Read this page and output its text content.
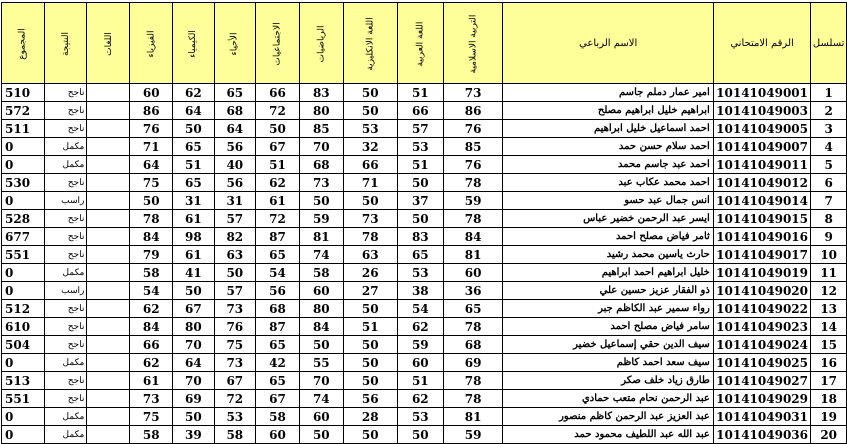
تسلسل	الرقم الامتحاني	الاسم الرباعي	التربية الاسلامية	اللغة العربية	اللغة الانكليزية	الرياضيات	الاجتماعيات	الأحياء	الكيمياء	الفيزياء	اللغات	النتيجة	المجموع
1	10141049001	امير عمار دملم جاسم	73	51	50	83	66	65	62	60		ناجح	510
2	10141049003	ابراهيم خليل ابراهيم مصلح	86	66	50	80	72	68	64	86		ناجح	572
3	10141049005	احمد اسماعيل خليل ابراهيم	76	57	53	85	50	64	50	76		ناجح	511
4	10141049007	احمد سلام حسن حمد	85	53	32	70	67	56	65	71		مكمل	0
5	10141049011	احمد عبد جاسم محمد	76	51	66	68	51	40	51	64		مكمل	0
6	10141049012	احمد محمد عكاب عبد	78	50	71	73	62	56	65	75		ناجح	530
7	10141049014	انس جمال عبد حسو	59	37	50	50	61	31	31	50		راسب	0
8	10141049015	ايسر عبد الرحمن خضير عباس	78	50	73	59	72	57	61	78		ناجح	528
9	10141049016	ثامر فياض مصلح احمد	84	83	78	81	87	82	98	84		ناجح	677
10	10141049017	حارث ياسين محمد رشيد	81	65	63	74	65	63	61	79		ناجح	551
11	10141049019	خليل ابراهيم احمد ابراهيم	60	53	26	58	54	50	41	58		مكمل	0
12	10141049020	ذو الفقار عزيز حسين علي	36	38	27	60	56	57	50	54		راسب	0
13	10141049022	رواء سمير عبد الكاظم جبر	65	54	50	80	68	73	67	62		ناجح	512
14	10141049023	سامر فياض مصلح احمد	78	62	51	84	87	76	80	84		ناجح	610
15	10141049024	سيف الدين حقي إسماعيل خضير	68	59	50	50	65	75	70	66		ناجح	504
16	10141049025	سيف سعد احمد كاظم	69	60	50	55	42	73	64	62		مكمل	0
17	10141049027	طارق زياد خلف صكر	78	51	50	70	65	67	70	61		ناجح	513
18	10141049029	عبد الرحمن نحام متعب حمادي	78	62	56	74	67	72	69	73		ناجح	551
19	10141049031	عبد العزيز عبد الرحمن كاظم منصور	81	53	28	60	58	53	50	75		مكمل	0
20	10141049036	عبد الله عبد اللطيف محمود حمد	59	50	50	50	60	58	39	58		مكمل	0
